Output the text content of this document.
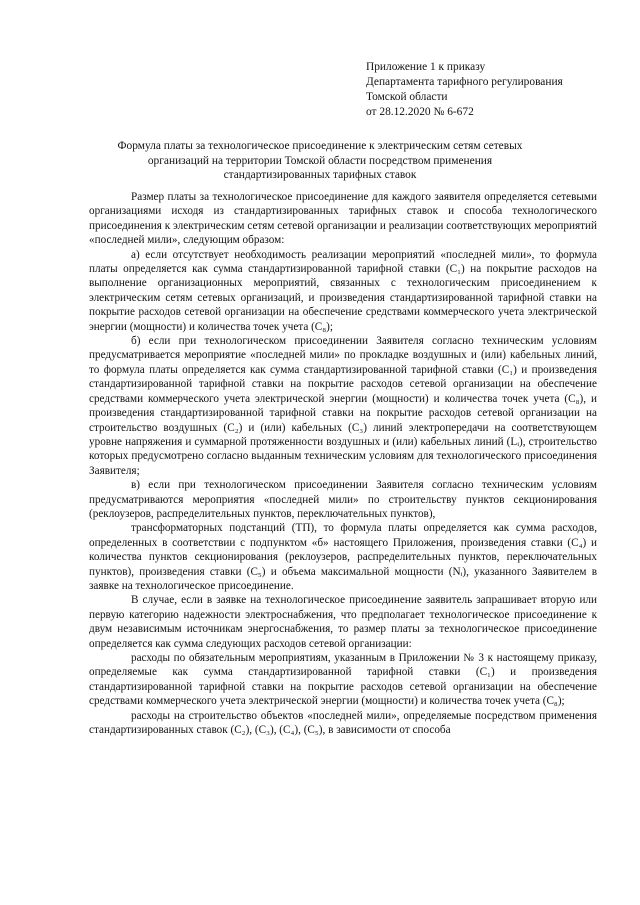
Приложение 1 к приказу
Департамента тарифного регулирования
Томской области
от 28.12.2020 № 6-672
Формула платы за технологическое присоединение к электрическим сетям сетевых организаций на территории Томской области посредством применения стандартизированных тарифных ставок

Размер платы за технологическое присоединение для каждого заявителя определяется сетевыми организациями исходя из стандартизированных тарифных ставок и способа технологического присоединения к электрическим сетям сетевой организации и реализации соответствующих мероприятий «последней мили», следующим образом:

а) если отсутствует необходимость реализации мероприятий «последней мили», то формула платы определяется как сумма стандартизированной тарифной ставки (C₁) на покрытие расходов на выполнение организационных мероприятий, связанных с технологическим присоединением к электрическим сетям сетевых организаций, и произведения стандартизированной тарифной ставки на покрытие расходов сетевой организации на обеспечение средствами коммерческого учета электрической энергии (мощности) и количества точек учета (C₈);

б) если при технологическом присоединении Заявителя согласно техническим условиям предусматривается мероприятие «последней мили» по прокладке воздушных и (или) кабельных линий, то формула платы определяется как сумма стандартизированной тарифной ставки (C₁) и произведения стандартизированной тарифной ставки на покрытие расходов сетевой организации на обеспечение средствами коммерческого учета электрической энергии (мощности) и количества точек учета (C₈), и произведения стандартизированной тарифной ставки на покрытие расходов сетевой организации на строительство воздушных (C₂) и (или) кабельных (C₃) линий электропередачи на соответствующем уровне напряжения и суммарной протяженности воздушных и (или) кабельных линий (Lᵢ), строительство которых предусмотрено согласно выданным техническим условиям для технологического присоединения Заявителя;

в) если при технологическом присоединении Заявителя согласно техническим условиям предусматриваются мероприятия «последней мили» по строительству пунктов секционирования (реклоузеров, распределительных пунктов, переключательных пунктов),

трансформаторных подстанций (ТП), то формула платы определяется как сумма расходов, определенных в соответствии с подпунктом «б» настоящего Приложения, произведения ставки (C₄) и количества пунктов секционирования (реклоузеров, распределительных пунктов, переключательных пунктов), произведения ставки (C₅) и объема максимальной мощности (Nᵢ), указанного Заявителем в заявке на технологическое присоединение.

В случае, если в заявке на технологическое присоединение заявитель запрашивает вторую или первую категорию надежности электроснабжения, что предполагает технологическое присоединение к двум независимым источникам энергоснабжения, то размер платы за технологическое присоединение определяется как сумма следующих расходов сетевой организации:

расходы по обязательным мероприятиям, указанным в Приложении № 3 к настоящему приказу, определяемые как сумма стандартизированной тарифной ставки (C₁) и произведения стандартизированной тарифной ставки на покрытие расходов сетевой организации на обеспечение средствами коммерческого учета электрической энергии (мощности) и количества точек учета (C₈);

расходы на строительство объектов «последней мили», определяемые посредством применения стандартизированных ставок (C₂), (C₃), (C₄), (C₅), в зависимости от способа
